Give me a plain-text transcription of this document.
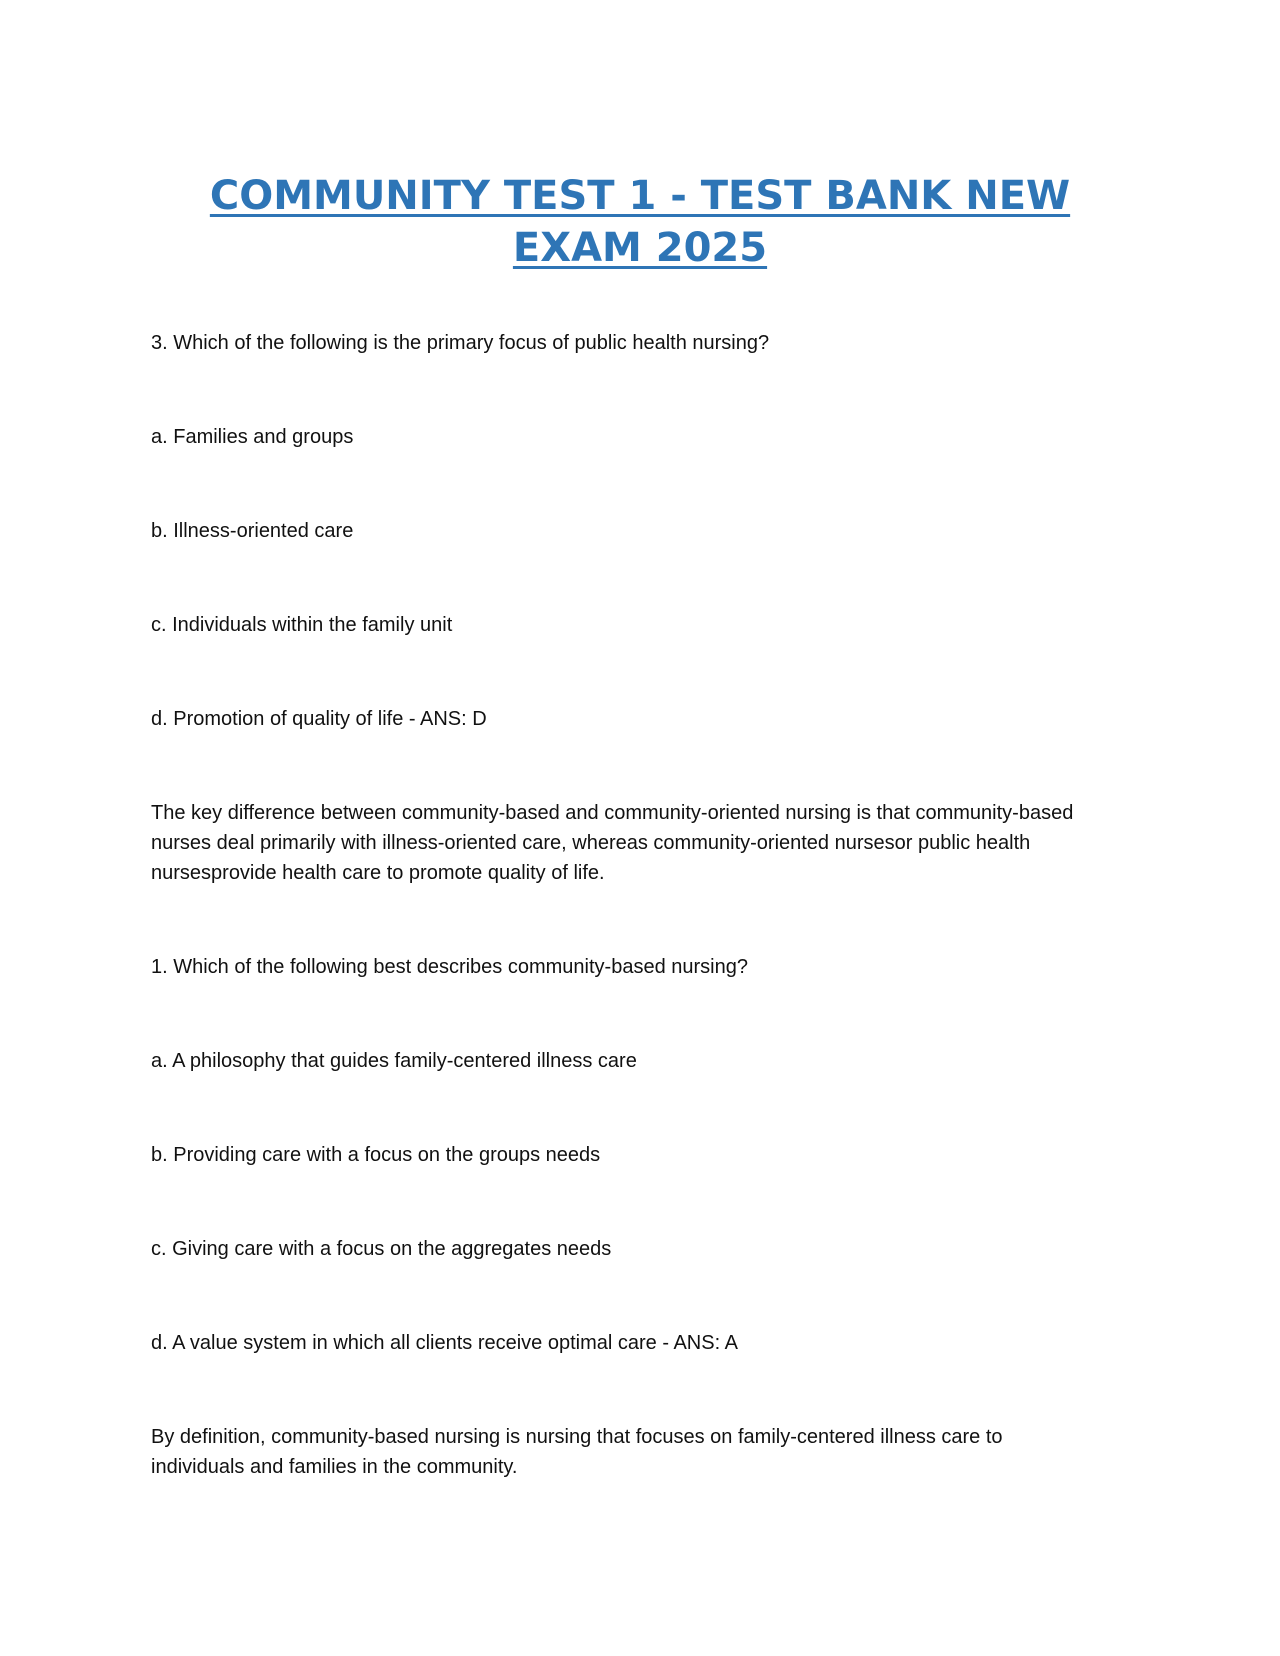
COMMUNITY TEST 1 - TEST BANK NEW EXAM 2025

3. Which of the following is the primary focus of public health nursing?

a. Families and groups

b. Illness-oriented care

c. Individuals within the family unit

d. Promotion of quality of life - ANS: D

The key difference between community-based and community-oriented nursing is that community-based nurses deal primarily with illness-oriented care, whereas community-oriented nursesor public health nursesprovide health care to promote quality of life.

1. Which of the following best describes community-based nursing?

a. A philosophy that guides family-centered illness care

b. Providing care with a focus on the groups needs

c. Giving care with a focus on the aggregates needs

d. A value system in which all clients receive optimal care - ANS: A

By definition, community-based nursing is nursing that focuses on family-centered illness care to individuals and families in the community.
